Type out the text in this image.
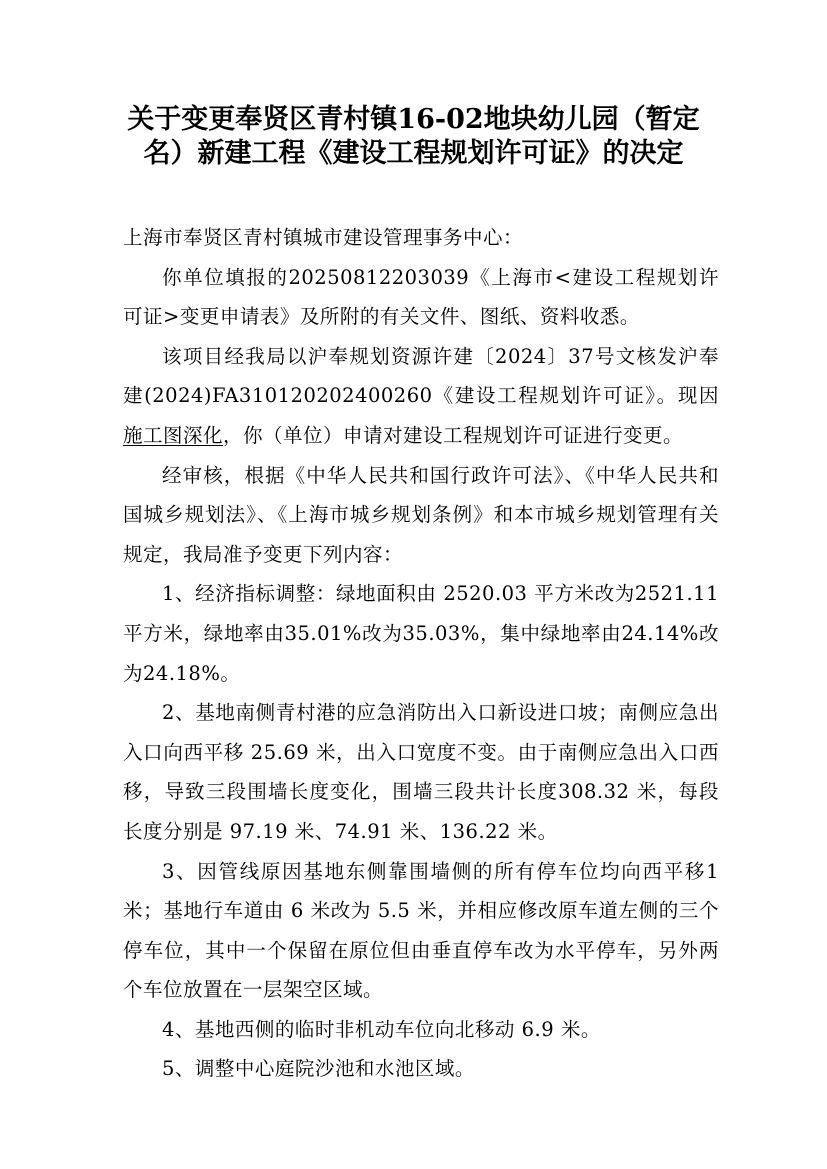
关于变更奉贤区青村镇16-02地块幼儿园（暂定
名）新建工程《建设工程规划许可证》的决定

上海市奉贤区青村镇城市建设管理事务中心：

你单位填报的20250812203039《上海市<建设工程规划许可证>变更申请表》及所附的有关文件、图纸、资料收悉。

该项目经我局以沪奉规划资源许建〔2024〕37号文核发沪奉建(2024)FA310120202400260《建设工程规划许可证》。现因施工图深化，你（单位）申请对建设工程规划许可证进行变更。

经审核，根据《中华人民共和国行政许可法》、《中华人民共和国城乡规划法》、《上海市城乡规划条例》和本市城乡规划管理有关规定，我局准予变更下列内容：

1、经济指标调整：绿地面积由 2520.03 平方米改为2521.11平方米，绿地率由35.01%改为35.03%，集中绿地率由24.14%改为24.18%。

2、基地南侧青村港的应急消防出入口新设进口坡；南侧应急出入口向西平移 25.69 米，出入口宽度不变。由于南侧应急出入口西移，导致三段围墙长度变化，围墙三段共计长度308.32 米，每段长度分别是 97.19 米、74.91 米、136.22 米。

3、因管线原因基地东侧靠围墙侧的所有停车位均向西平移1 米；基地行车道由 6 米改为 5.5 米，并相应修改原车道左侧的三个停车位，其中一个保留在原位但由垂直停车改为水平停车，另外两个车位放置在一层架空区域。

4、基地西侧的临时非机动车位向北移动 6.9 米。

5、调整中心庭院沙池和水池区域。
